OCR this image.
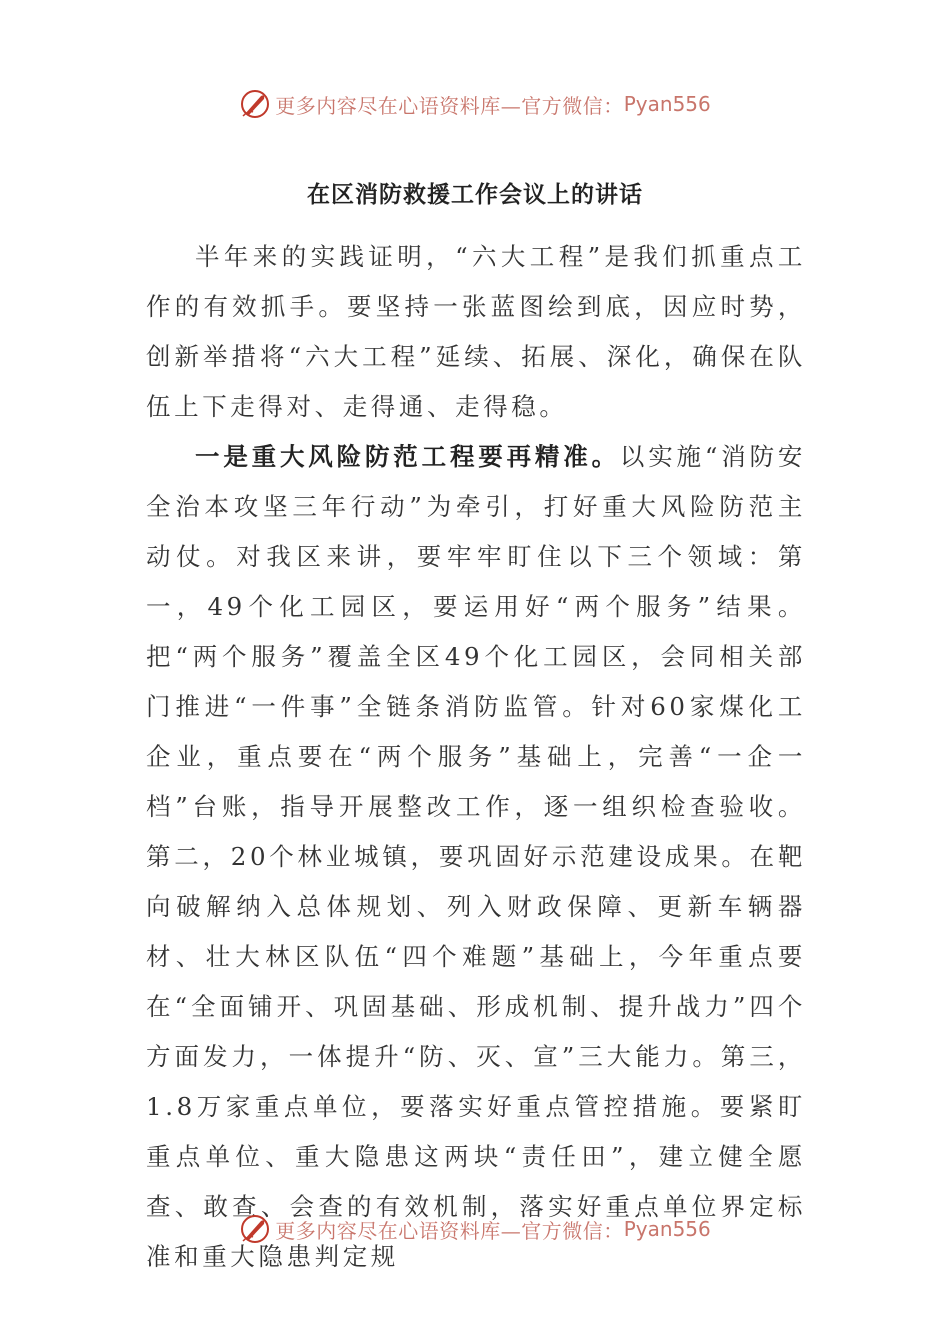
更多内容尽在心语资料库—官方微信： Pyan556
在区消防救援工作会议上的讲话

半年来的实践证明，“六大工程”是我们抓重点工作的有效抓手。要坚持一张蓝图绘到底，因应时势，创新举措将“六大工程”延续、拓展、深化，确保在队伍上下走得对、走得通、走得稳。

一是重大风险防范工程要再精准。以实施“消防安全治本攻坚三年行动”为牵引，打好重大风险防范主动仗。对我区来讲，要牢牢盯住以下三个领域：第一，49个化工园区，要运用好“两个服务”结果。把“两个服务”覆盖全区49个化工园区，会同相关部门推进“一件事”全链条消防监管。针对60家煤化工企业，重点要在“两个服务”基础上，完善“一企一档”台账，指导开展整改工作，逐一组织检查验收。第二，20个林业城镇，要巩固好示范建设成果。在靶向破解纳入总体规划、列入财政保障、更新车辆器材、壮大林区队伍“四个难题”基础上，今年重点要在“全面铺开、巩固基础、形成机制、提升战力”四个方面发力，一体提升“防、灭、宣”三大能力。第三，1.8万家重点单位，要落实好重点管控措施。要紧盯重点单位、重大隐患这两块“责任田”，建立健全愿查、敢查、会查的有效机制，落实好重点单位界定标准和重大隐患判定规

更多内容尽在心语资料库—官方微信： Pyan556
